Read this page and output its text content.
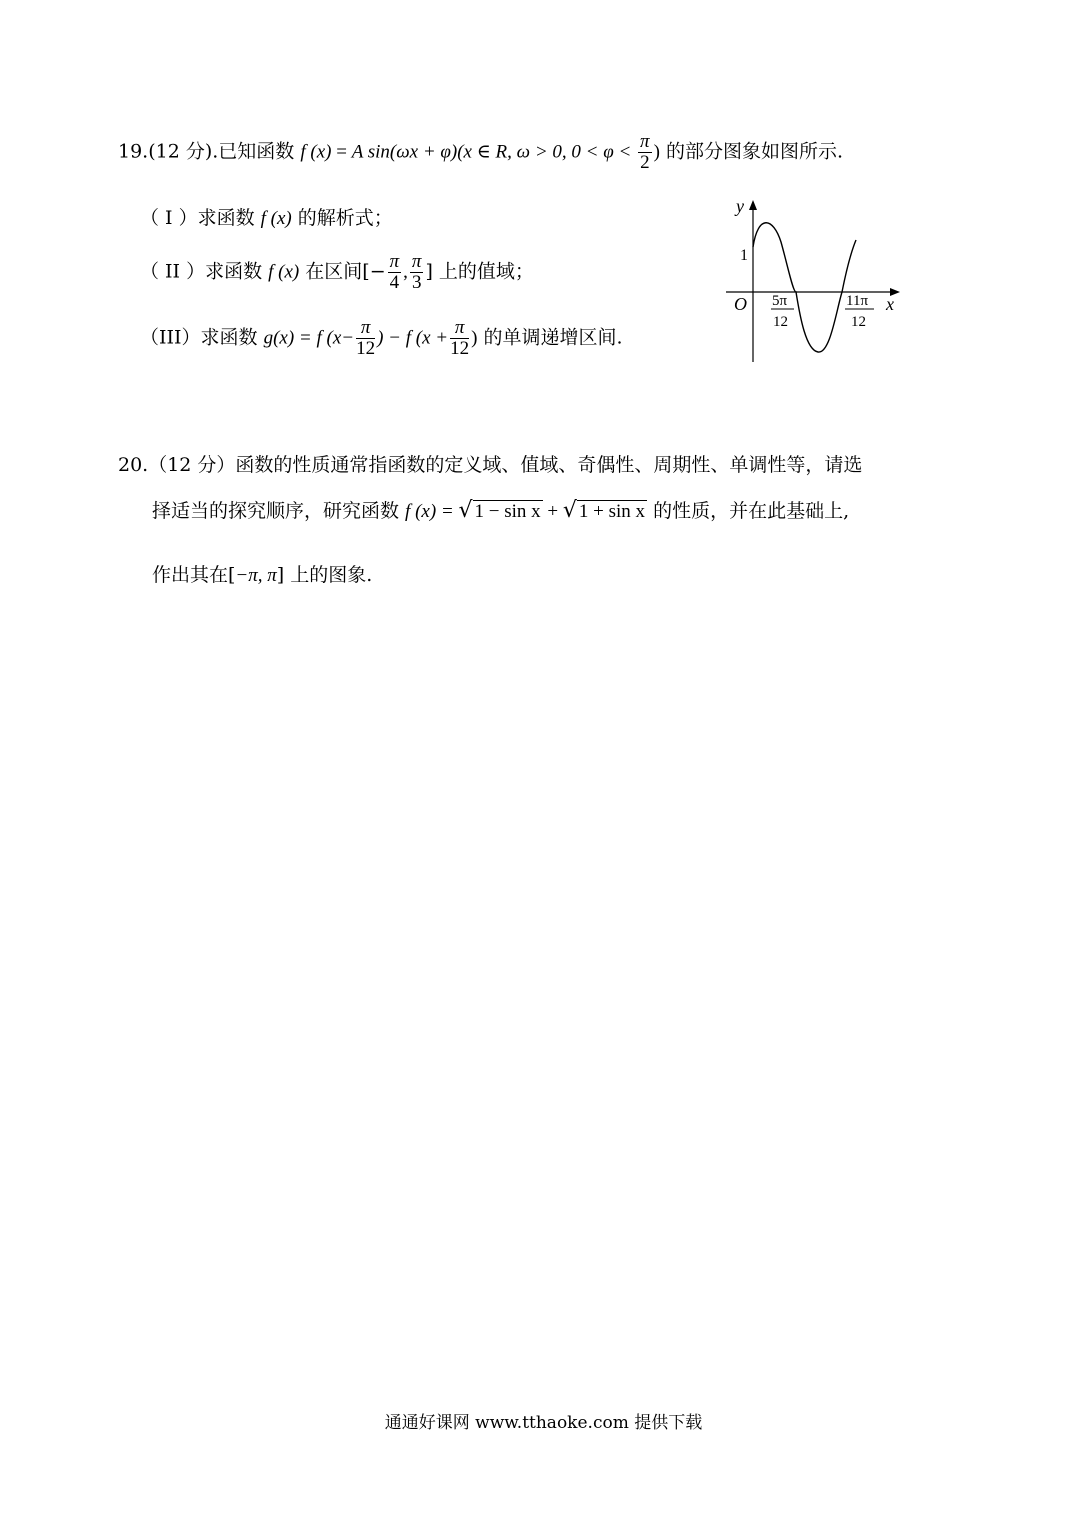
19.(12 分).已知函数 f (x) = A sin(ωx + φ)(x ∈ R, ω > 0, $0 < \varphi < \frac{\pi}{2}$ ) 的部分图象如图所示.
（ I ）求函数 f (x) 的解析式；
（ II ）求函数 f (x) 在区间[− $\frac{\pi}{4}$ , $\frac{\pi}{3}$ ] 上的值域；
（III）求函数 g(x) = f ($x- \frac{\pi}{12}$ ) − f ($x + \frac{\pi}{12}$ ) 的单调递增区间.
y
x
O
1
5π
12
11π
12
20.（12 分）函数的性质通常指函数的定义域、值域、奇偶性、周期性、单调性等，请选
择适当的探究顺序，研究函数 f (x) = √ 1 − sin x + √ 1 + sin x 的性质，并在此基础上,
作出其在[−π, π] 上的图象.
通通好课网 www.tthaoke.com 提供下载
